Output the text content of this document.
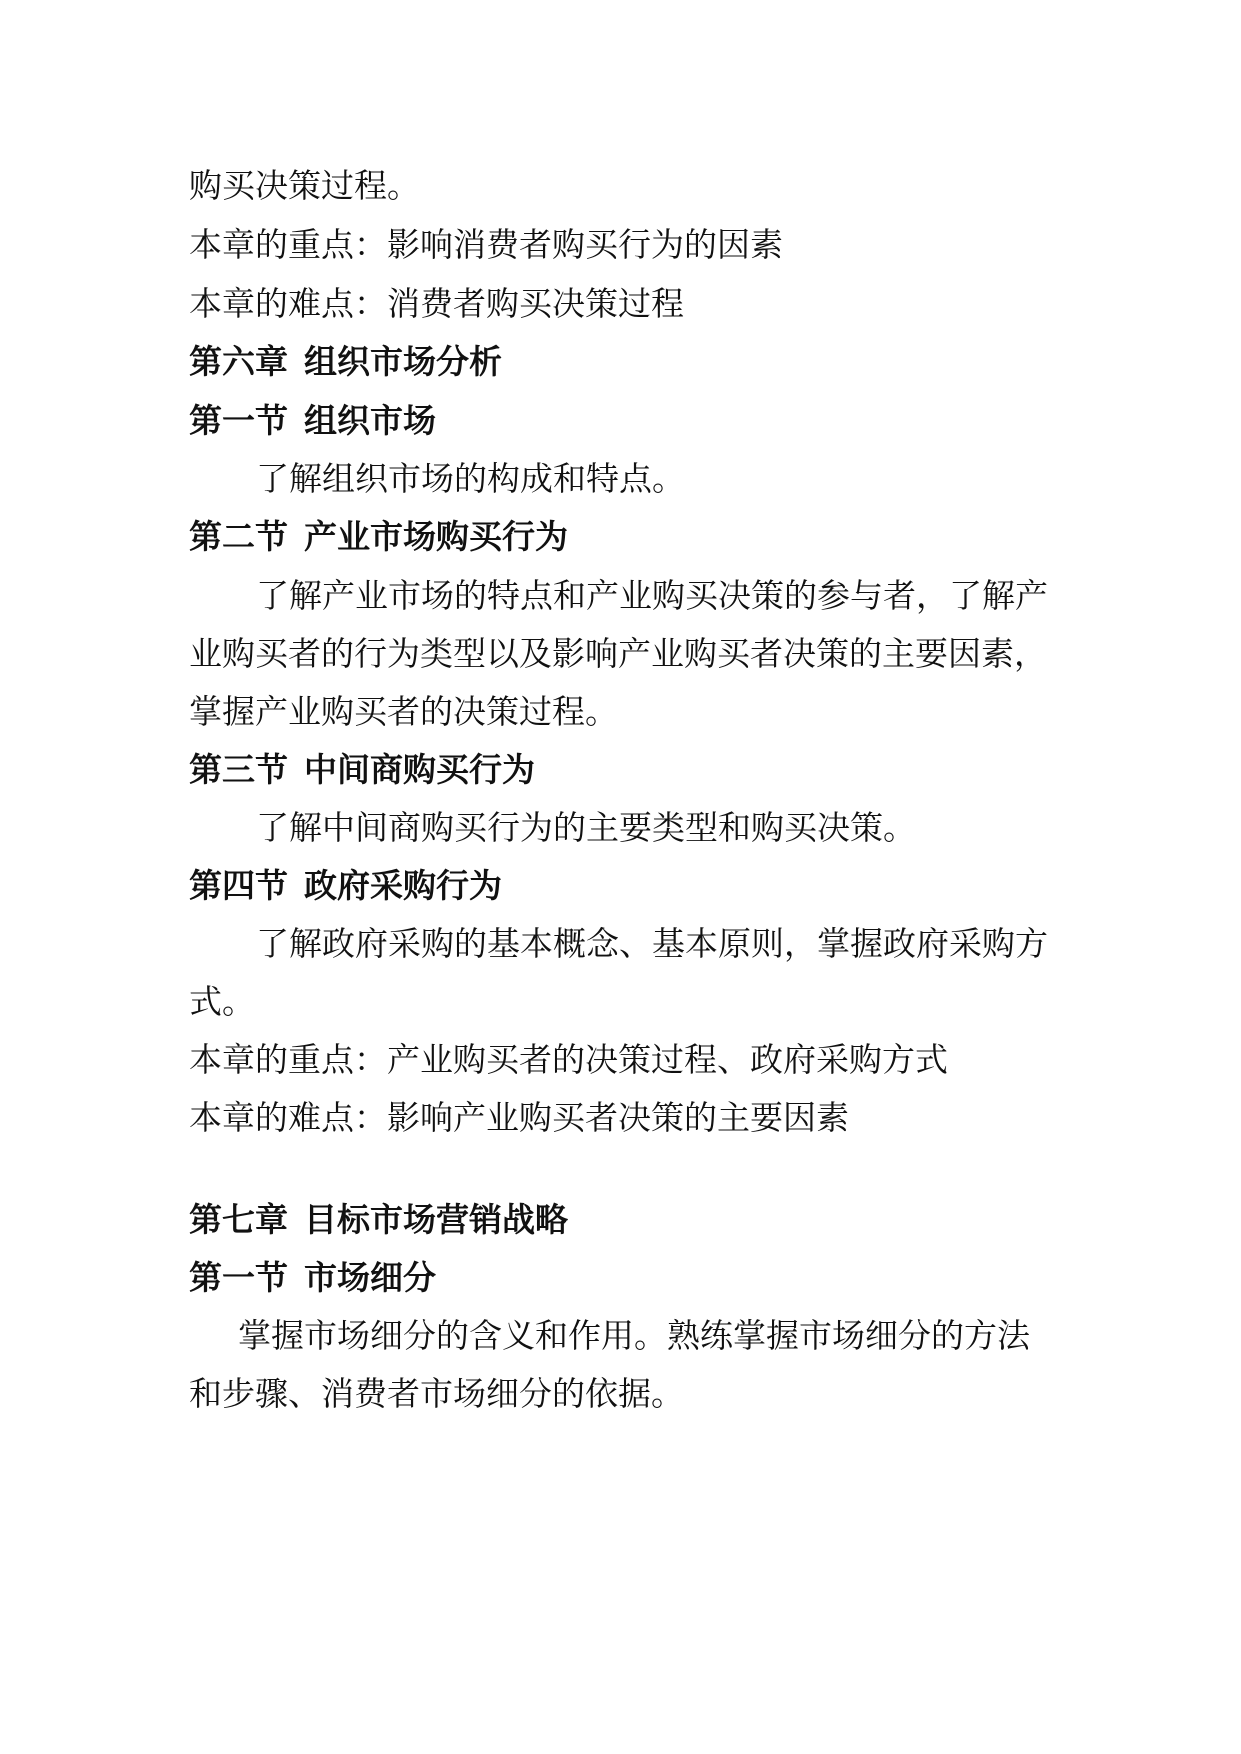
购买决策过程。
本章的重点：影响消费者购买行为的因素
本章的难点：消费者购买决策过程
第六章 组织市场分析
第一节 组织市场
了解组织市场的构成和特点。
第二节 产业市场购买行为
了解产业市场的特点和产业购买决策的参与者，了解产
业购买者的行为类型以及影响产业购买者决策的主要因素，
掌握产业购买者的决策过程。
第三节 中间商购买行为
了解中间商购买行为的主要类型和购买决策。
第四节 政府采购行为
了解政府采购的基本概念、基本原则，掌握政府采购方
式。
本章的重点：产业购买者的决策过程、政府采购方式
本章的难点：影响产业购买者决策的主要因素
第七章 目标市场营销战略
第一节 市场细分
掌握市场细分的含义和作用。熟练掌握市场细分的方法
和步骤、消费者市场细分的依据。
